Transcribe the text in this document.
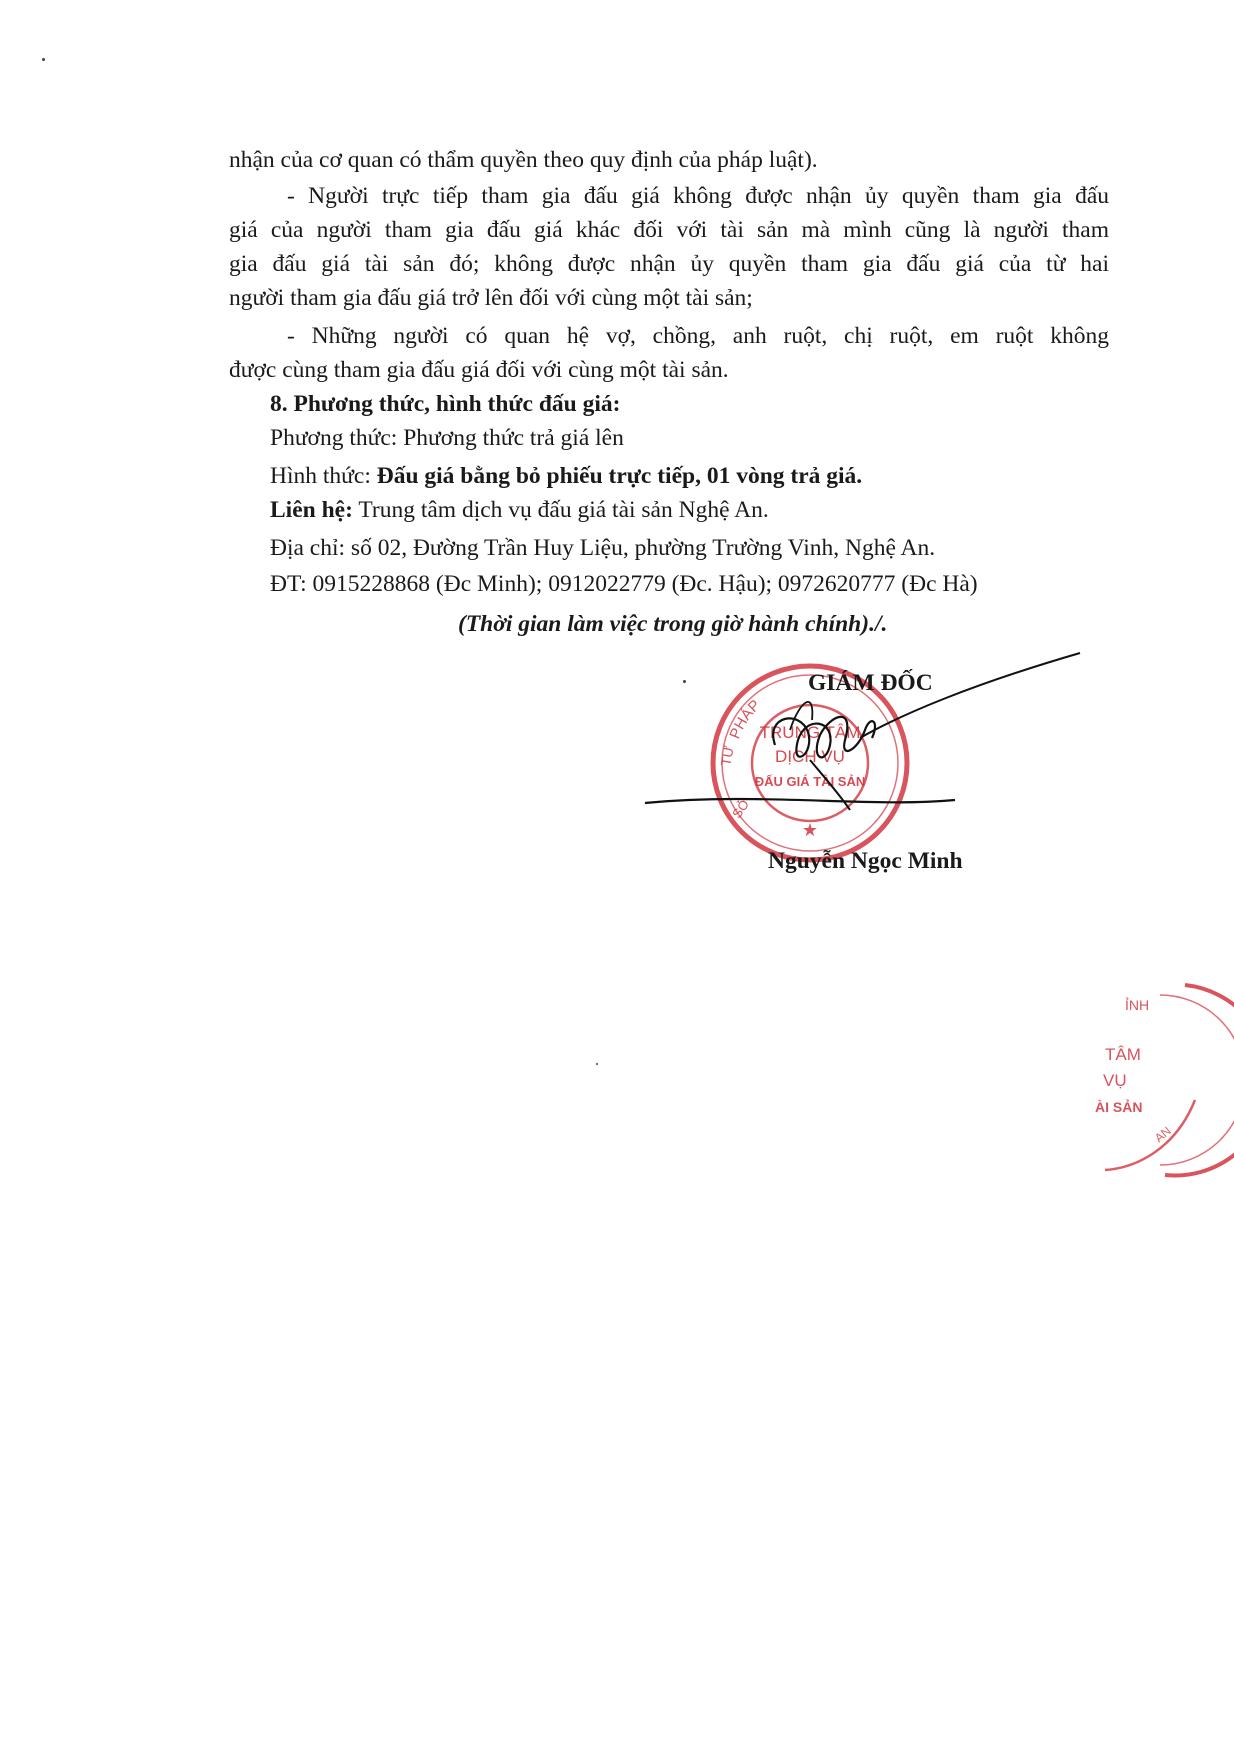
nhận của cơ quan có thẩm quyền theo quy định của pháp luật).
- Người trực tiếp tham gia đấu giá không được nhận ủy quyền tham gia đấu
giá của người tham gia đấu giá khác đối với tài sản mà mình cũng là người tham
gia đấu giá tài sản đó; không được nhận ủy quyền tham gia đấu giá của từ hai
người tham gia đấu giá trở lên đối với cùng một tài sản;
- Những người có quan hệ vợ, chồng, anh ruột, chị ruột, em ruột không
được cùng tham gia đấu giá đối với cùng một tài sản.
8. Phương thức, hình thức đấu giá:
Phương thức: Phương thức trả giá lên
Hình thức: Đấu giá bằng bỏ phiếu trực tiếp, 01 vòng trả giá.
Liên hệ: Trung tâm dịch vụ đấu giá tài sản Nghệ An.
Địa chỉ: số 02, Đường Trần Huy Liệu, phường Trường Vinh, Nghệ An.
ĐT: 0915228868 (Đc Minh); 0912022779 (Đc. Hậu); 0972620777 (Đc Hà)
(Thời gian làm việc trong giờ hành chính)./.
PHÁP
TƯ
SỞ
TRUNG TÂM
DỊCH VỤ
ĐẤU GIÁ TÀI SẢN
★
GIÁM ĐỐC
Nguyễn Ngọc Minh
ỈNH
TÂM
VỤ
ÀI SẢN
AN
